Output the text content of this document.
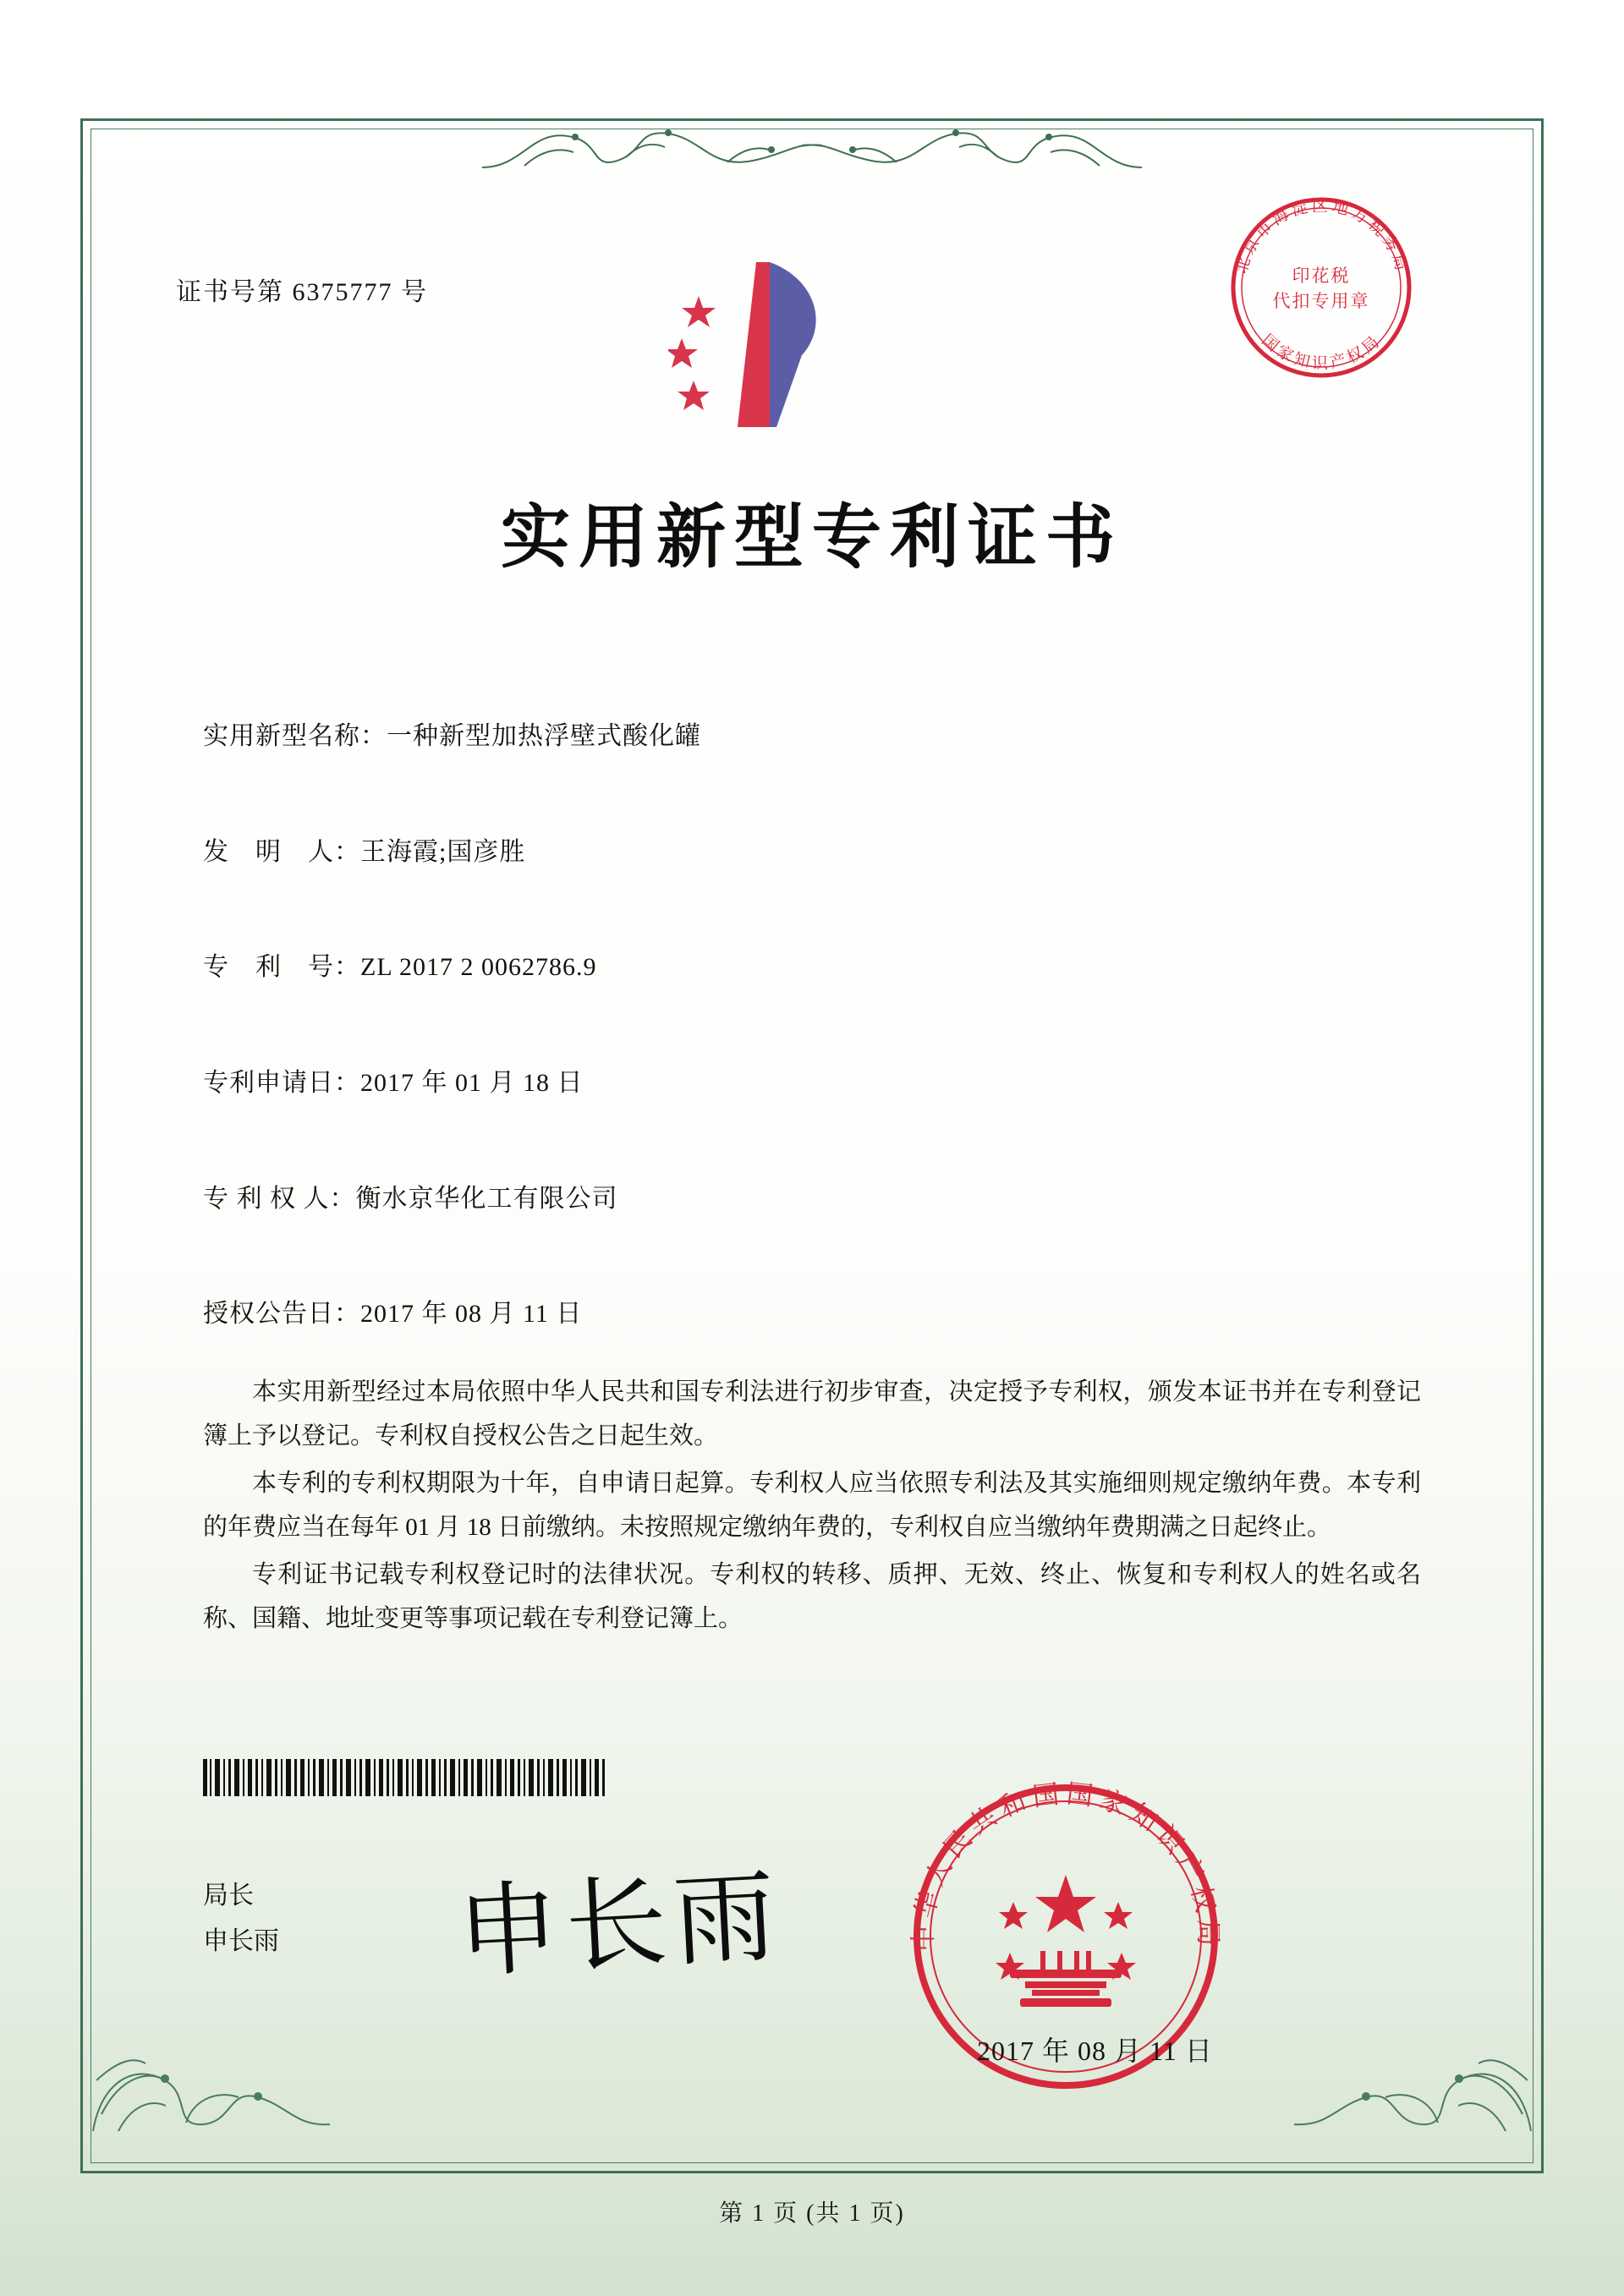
证书号第 6375777 号
北京市海淀区地方税务局
国家知识产权局
印花税
代扣专用章
实用新型专利证书
实用新型名称：一种新型加热浮壁式酸化罐
发　明　人：王海霞;国彦胜
专　利　号：ZL 2017 2 0062786.9
专利申请日：2017 年 01 月 18 日
专 利 权 人：衡水京华化工有限公司
授权公告日：2017 年 08 月 11 日

本实用新型经过本局依照中华人民共和国专利法进行初步审查，决定授予专利权，颁发本证书并在专利登记簿上予以登记。专利权自授权公告之日起生效。

本专利的专利权期限为十年，自申请日起算。专利权人应当依照专利法及其实施细则规定缴纳年费。本专利的年费应当在每年 01 月 18 日前缴纳。未按照规定缴纳年费的，专利权自应当缴纳年费期满之日起终止。

专利证书记载专利权登记时的法律状况。专利权的转移、质押、无效、终止、恢复和专利权人的姓名或名称、国籍、地址变更等事项记载在专利登记簿上。

局长
申长雨 申长雨	中华人民共和国国家知识产权局
2017 年 08 月 11 日
第 1 页 (共 1 页)
